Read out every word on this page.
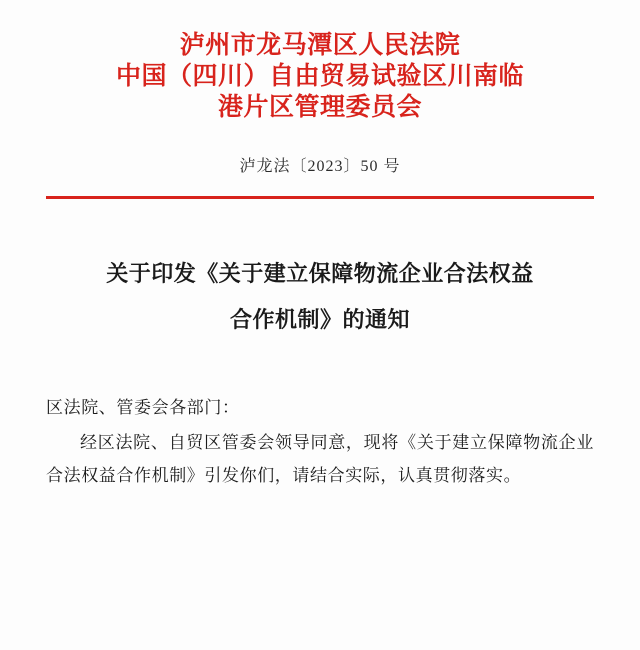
泸州市龙马潭区人民法院
中国（四川）自由贸易试验区川南临
港片区管理委员会
泸龙法〔2023〕50 号
关于印发《关于建立保障物流企业合法权益
合作机制》的通知
区法院、管委会各部门：
经区法院、自贸区管委会领导同意，现将《关于建立保障物流企业合法权益合作机制》引发你们，请结合实际，认真贯彻落实。
